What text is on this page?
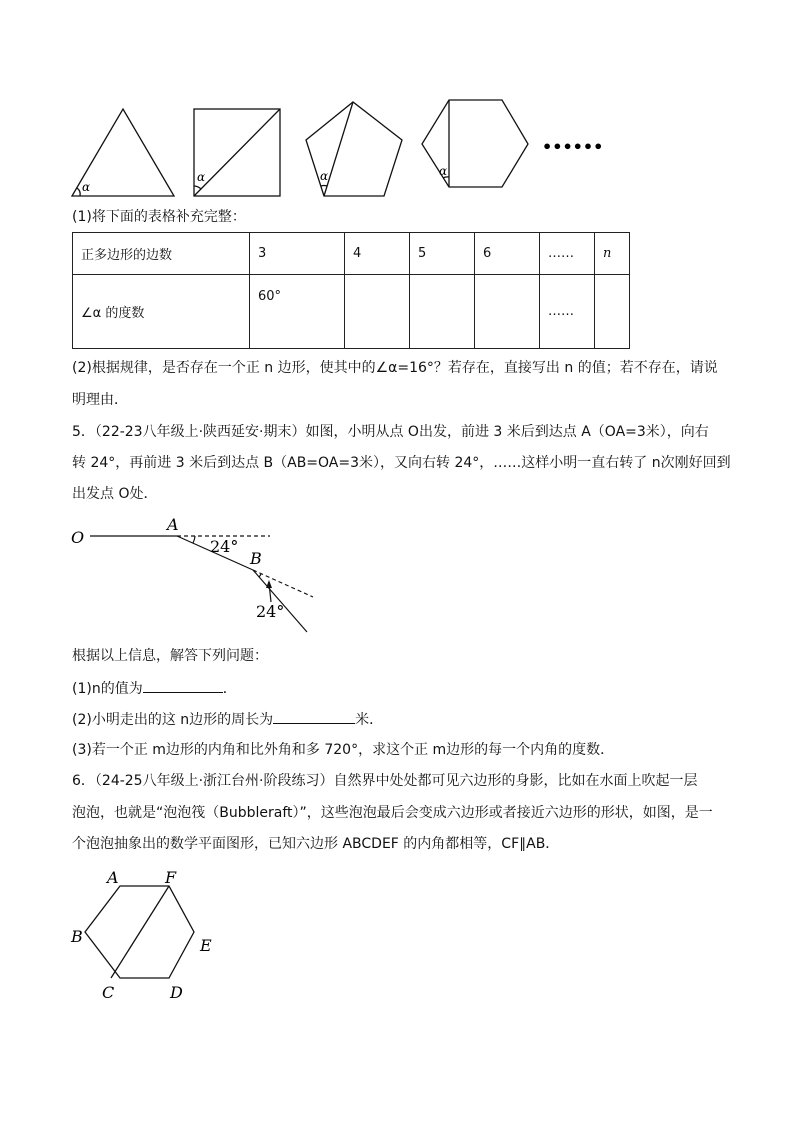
α
α	α	α
••••••
(1)将下面的表格补充完整：
正多边形的边数	3	4	5	6	……	n
∠α 的度数	60°				……	
(2)根据规律，是否存在一个正 n 边形，使其中的∠α=16°？若存在，直接写出 n 的值；若不存在，请说
明理由．
5．（22-23八年级上·陕西延安·期末）如图，小明从点 O出发，前进 3 米后到达点 A（OA=3米），向右
转 24°，再前进 3 米后到达点 B（AB=OA=3米），又向右转 24°，……这样小明一直右转了 n次刚好回到
出发点 O处．
O
A
B
24°
24°
根据以上信息，解答下列问题：
(1)n的值为	．
(2)小明走出的这 n边形的周长为	米．
(3)若一个正 m边形的内角和比外角和多 720°，求这个正 m边形的每一个内角的度数．
6．（24-25八年级上·浙江台州·阶段练习）自然界中处处都可见六边形的身影，比如在水面上吹起一层
泡泡，也就是“泡泡筏（Bubbleraft）”，这些泡泡最后会变成六边形或者接近六边形的形状，如图，是一
个泡泡抽象出的数学平面图形，已知六边形 ABCDEF 的内角都相等，CF∥AB．
A	F
B	E
C	D
